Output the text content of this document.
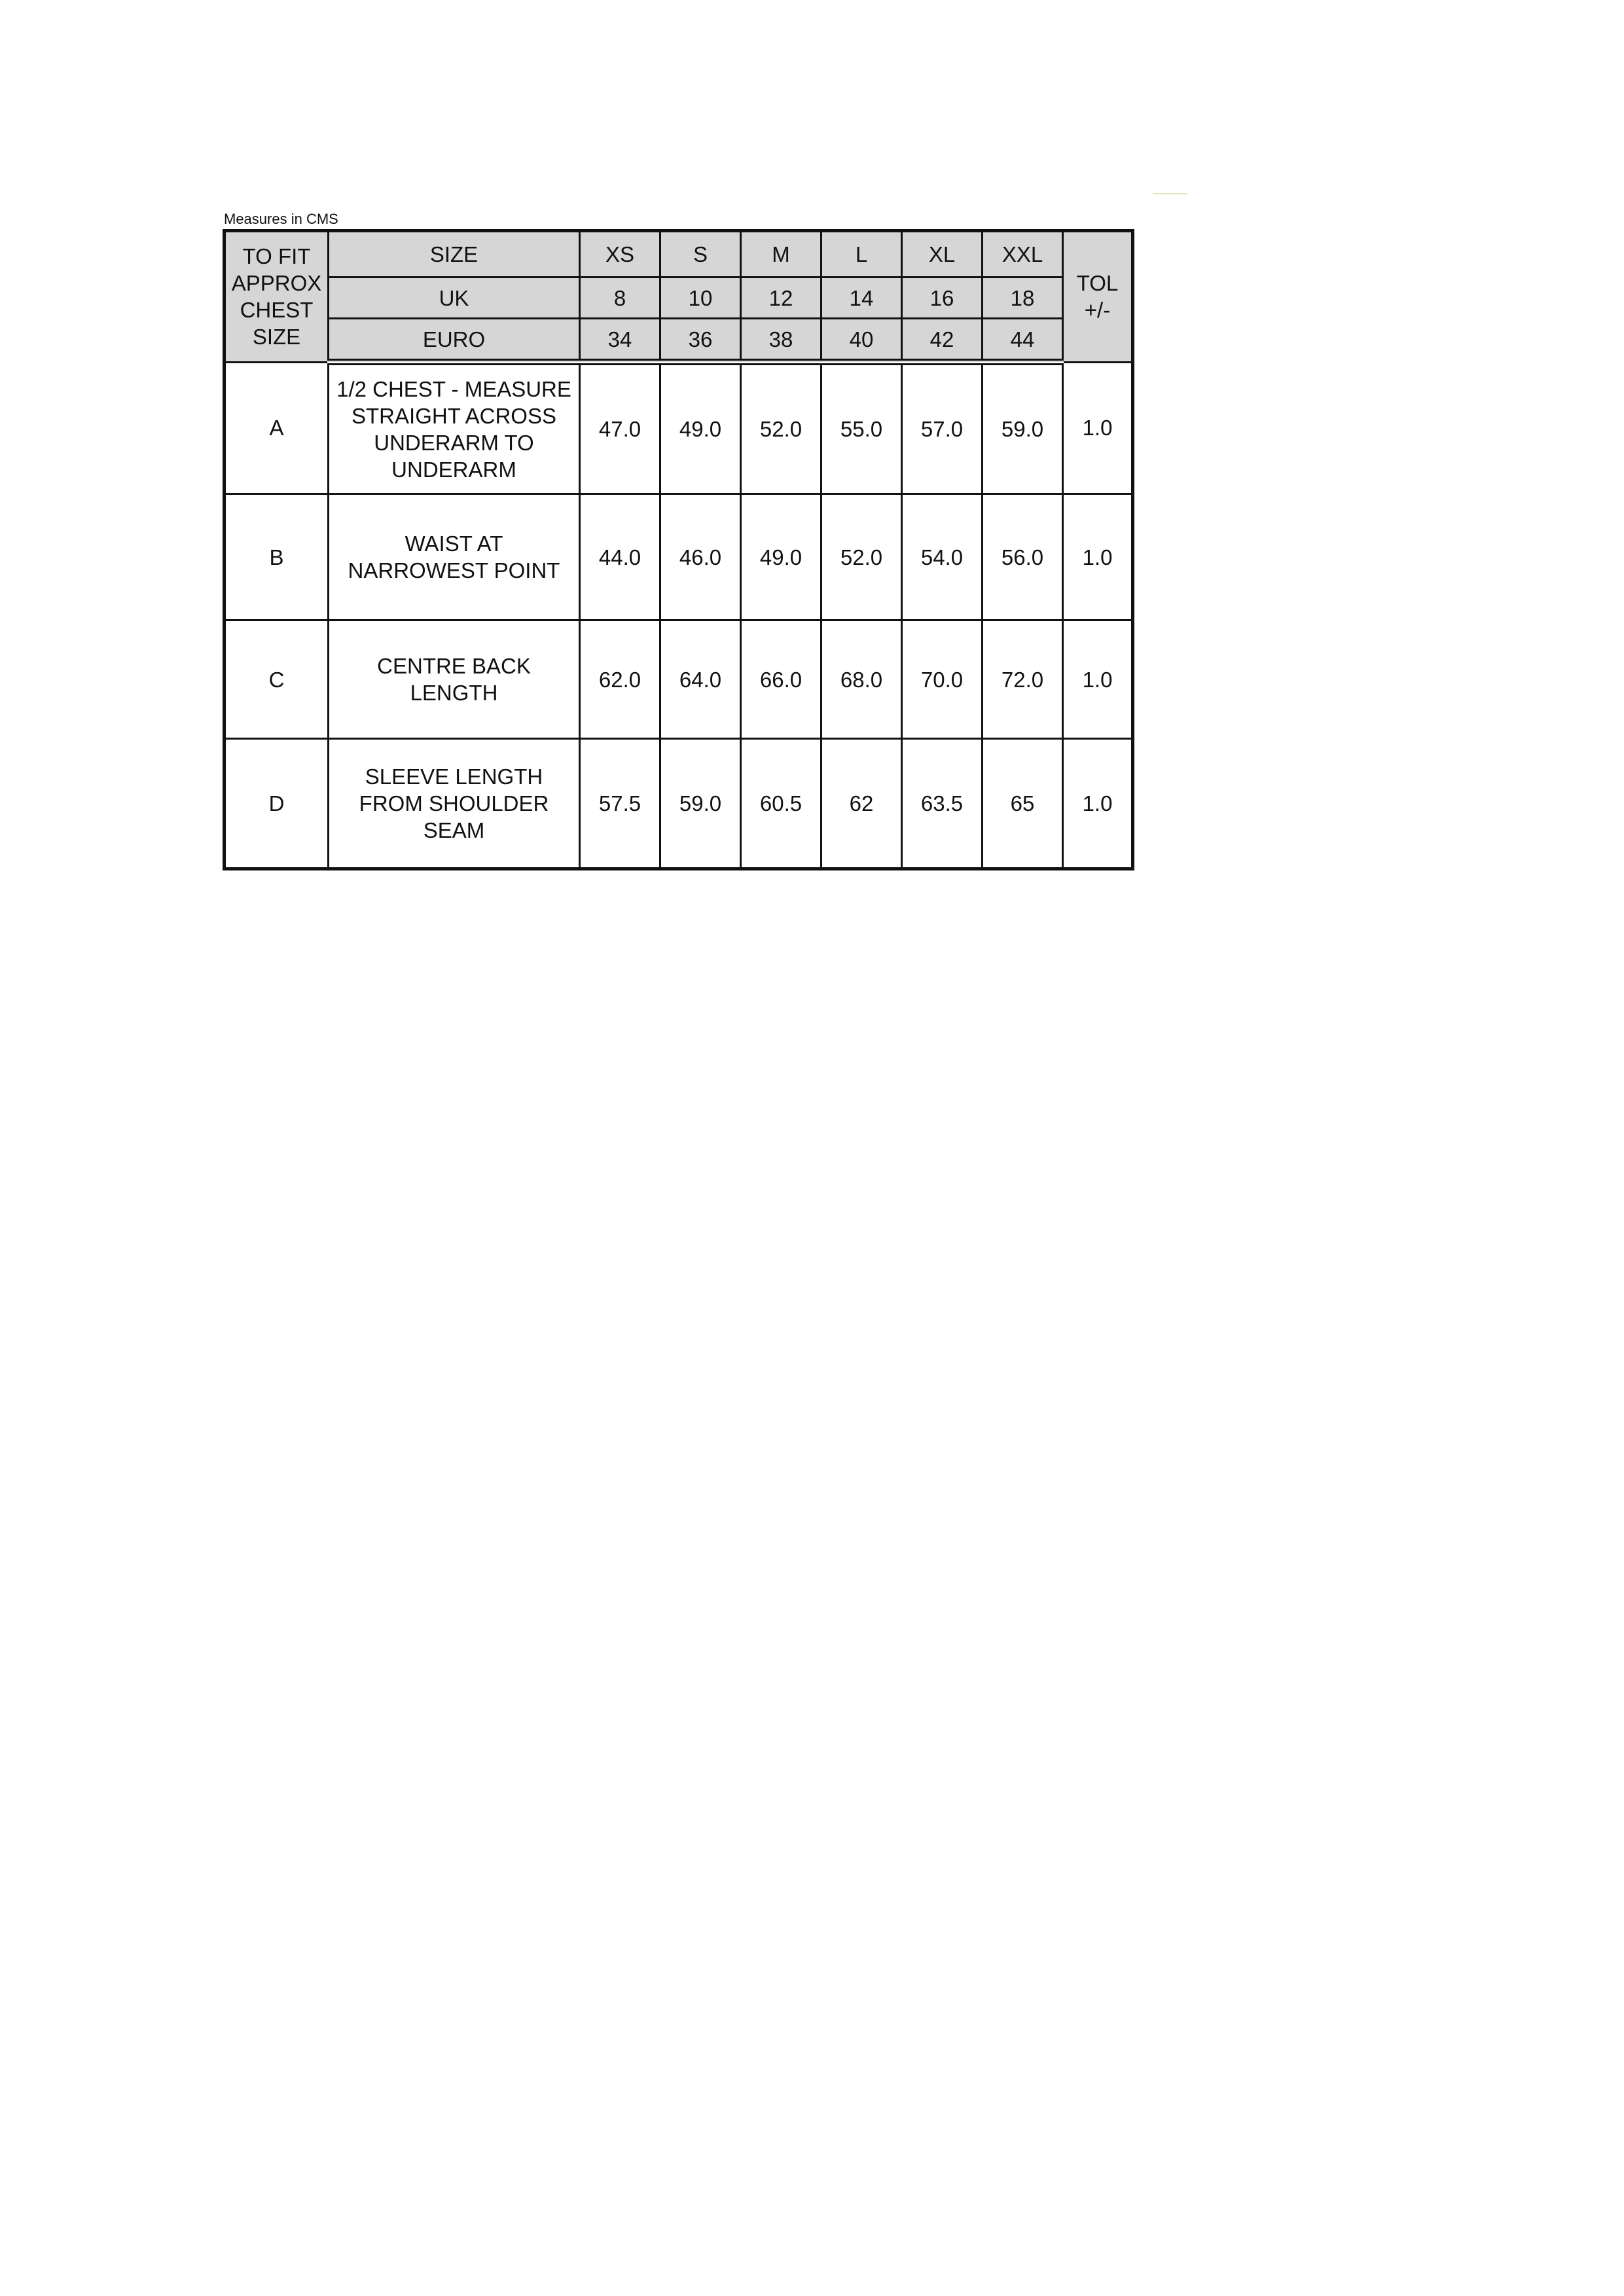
Measures in CMS
TO FIT
APPROX
CHEST
SIZE	SIZE	XS	S	M	L	XL	XXL	TOL
+/-

	UK	8	10	12	14	16	18	
	EURO	34	36	38	40	42	44	
A	1/2 CHEST - MEASURE
STRAIGHT ACROSS
UNDERARM TO
UNDERARM	47.0	49.0	52.0	55.0	57.0	59.0	1.0
B	WAIST AT
NARROWEST POINT	44.0	46.0	49.0	52.0	54.0	56.0	1.0
C	CENTRE BACK
LENGTH	62.0	64.0	66.0	68.0	70.0	72.0	1.0
D	SLEEVE LENGTH
FROM SHOULDER
SEAM	57.5	59.0	60.5	62	63.5	65	1.0
